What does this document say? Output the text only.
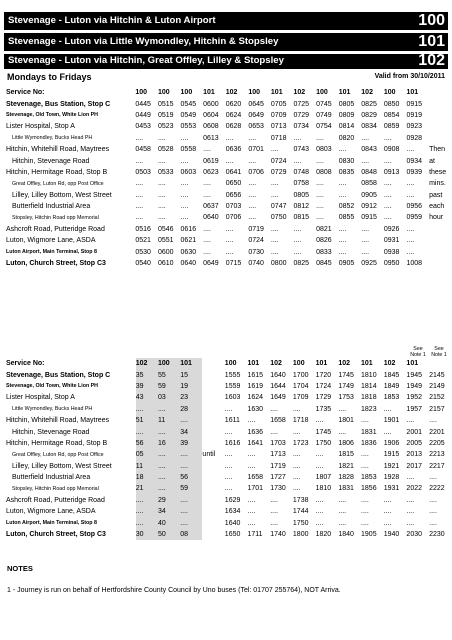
Stevenage - Luton via Hitchin & Luton Airport	100
Stevenage - Luton via Little Wymondley, Hitchin & Stopsley	101
Stevenage - Luton via Hitchin, Great Offley, Lilley & Stopsley	102
Mondays to Fridays	Valid from 30/10/2011
Service No:	100	100	100	101	102	100	101	102	100	101	102	100	101	
Stevenage, Bus Station, Stop C	0445	0515	0545	0600	0620	0645	0705	0725	0745	0805	0825	0850	0915	
Stevenage, Old Town, White Lion PH	0449	0519	0549	0604	0624	0649	0709	0729	0749	0809	0829	0854	0919	
Lister Hospital, Stop A	0453	0523	0553	0608	0628	0653	0713	0734	0754	0814	0834	0859	0923	
Little Wymondley, Bucks Head PH	....	....	....	0613	....	....	0718	....	....	0820	....	....	0928	
Hitchin, Whitehill Road, Maytrees	0458	0528	0558	....	0636	0701	....	0743	0803	....	0843	0908	....	Then
Hitchin, Stevenage Road	....	....	....	0619	....	....	0724	....	....	0830	....	....	0934	at
Hitchin, Hermitage Road, Stop B	0503	0533	0603	0623	0641	0706	0729	0748	0808	0835	0848	0913	0939	these
Great Offley, Luton Rd, opp Post Office	....	....	....	....	0650	....	....	0758	....	....	0858	....	....	mins.
Lilley, Lilley Bottom, West Street	....	....	....	....	0656	....	....	0805	....	....	0905	....	....	past
Butterfield Industrial Area	....	....	....	0637	0703	....	0747	0812	....	0852	0912	....	0956	each
Stopsley, Hitchin Road opp Memorial	....	....	....	0640	0706	....	0750	0815	....	0855	0915	....	0959	hour
Ashcroft Road, Putteridge Road	0516	0546	0616	....	....	0719	....	....	0821	....	....	0926	....	
Luton, Wigmore Lane, ASDA	0521	0551	0621	....	....	0724	....	....	0826	....	....	0931	....	
Luton Airport, Main Terminal, Stop 8	0530	0600	0630	....	....	0730	....	....	0833	....	....	0938	....	
Luton, Church Street, Stop C3	0540	0610	0640	0649	0715	0740	0800	0825	0845	0905	0925	0950	1008	
See Note 1
See Note 1
Service No:	102	100	101		100	101	102	100	101	102	101	102	101	
Stevenage, Bus Station, Stop C	35	55	15		1555	1615	1640	1700	1720	1745	1810	1845	1945	2145
Stevenage, Old Town, White Lion PH	39	59	19		1559	1619	1644	1704	1724	1749	1814	1849	1949	2149
Lister Hospital, Stop A	43	03	23		1603	1624	1649	1709	1729	1753	1818	1853	1952	2152
Little Wymondley, Bucks Head PH	....	....	28		....	1630	....	....	1735	....	1823	....	1957	2157
Hitchin, Whitehill Road, Maytrees	51	11	....		1611	....	1658	1718	....	1801	....	1901	....	....
Hitchin, Stevenage Road	....	....	34		....	1636	....	....	1745	....	1831	....	2001	2201
Hitchin, Hermitage Road, Stop B	56	16	39		1616	1641	1703	1723	1750	1806	1836	1906	2005	2205
Great Offley, Luton Rd, opp Post Office	05	....	....	until	....	....	1713	....	....	1815	....	1915	2013	2213
Lilley, Lilley Bottom, West Street	11	....	....		....	....	1719	....	....	1821	....	1921	2017	2217
Butterfield Industrial Area	18	....	56		....	1658	1727	....	1807	1828	1853	1928	....	....
Stopsley, Hitchin Road opp Memorial	21	....	59		....	1701	1730	....	1810	1831	1856	1931	2022	2222
Ashcroft Road, Putteridge Road	....	29	....		1629	....	....	1738	....	....	....	....	....	....
Luton, Wigmore Lane, ASDA	....	34	....		1634	....	....	1744	....	....	....	....	....	....
Luton Airport, Main Terminal, Stop 8	....	40	....		1640	....	....	1750	....	....	....	....	....	....
Luton, Church Street, Stop C3	30	50	08		1650	1711	1740	1800	1820	1840	1905	1940	2030	2230
NOTES
1 - Journey is run on behalf of Hertfordshire County Council by Uno buses (Tel: 01707 255764), NOT Arriva.
